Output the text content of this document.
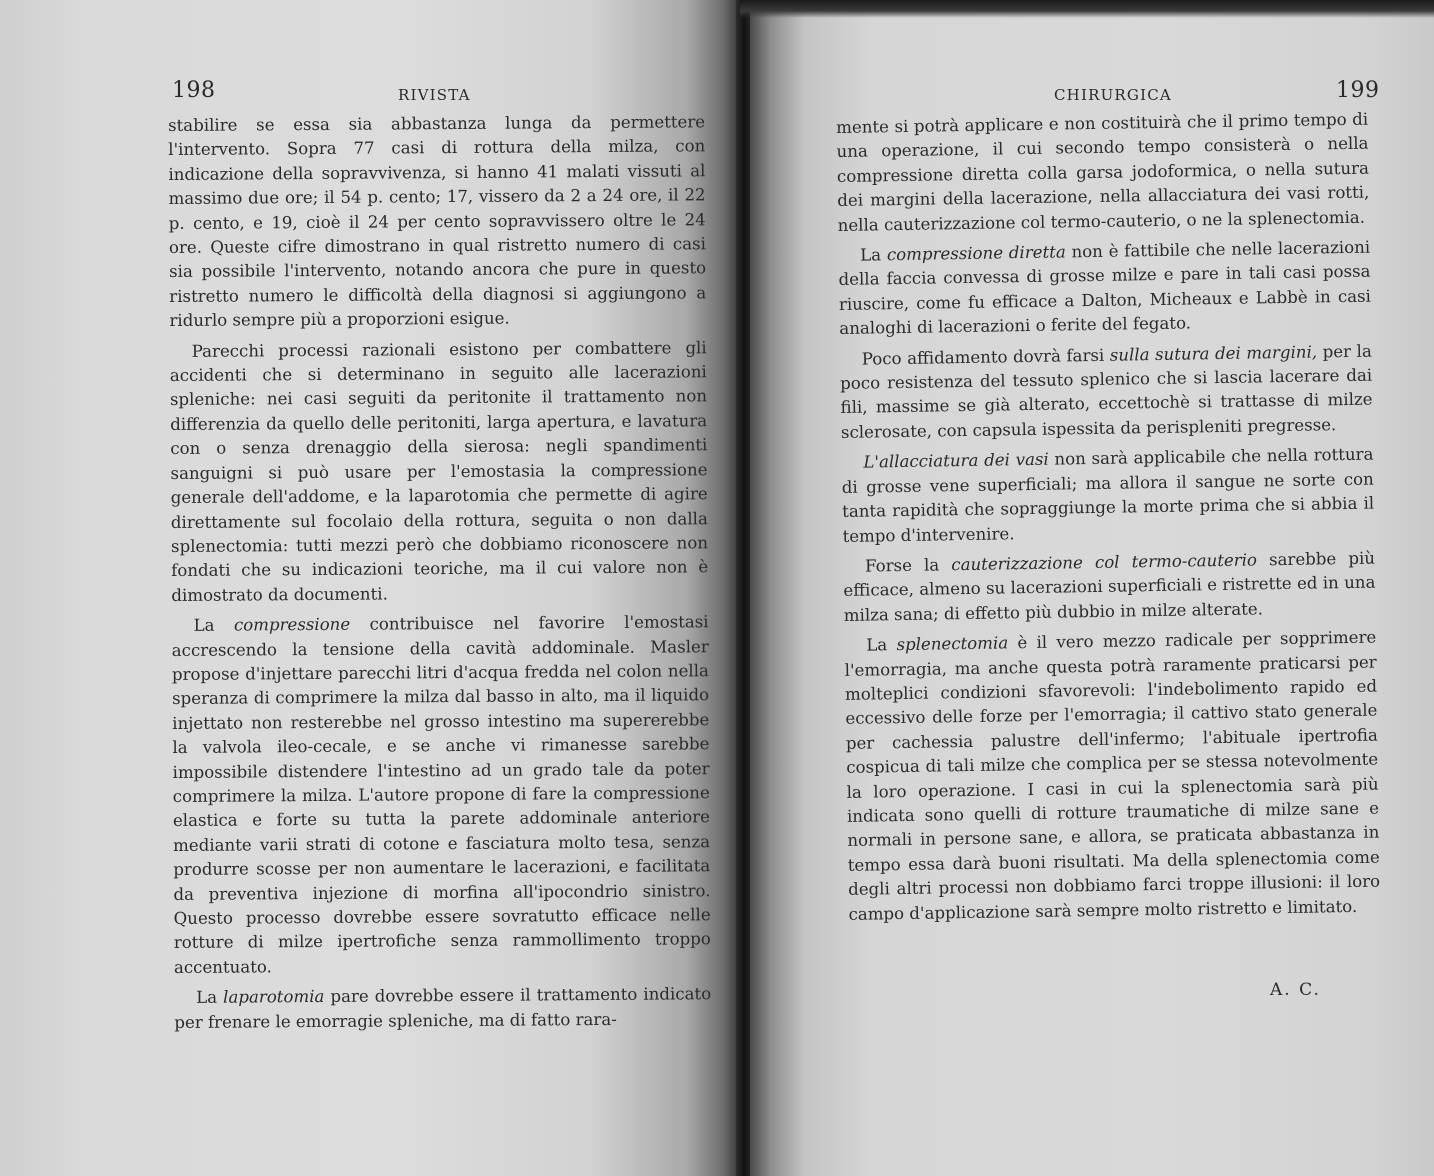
198	RIVISTA

stabilire se essa sia abbastanza lunga da permettere l'intervento. Sopra 77 casi di rottura della milza, con indicazione della sopravvivenza, si hanno 41 malati vissuti al massimo due ore; il 54 p. cento; 17, vissero da 2 a 24 ore, il 22 p. cento, e 19, cioè il 24 per cento sopravvissero oltre le 24 ore. Queste cifre dimostrano in qual ristretto numero di casi sia possibile l'intervento, notando ancora che pure in questo ristretto numero le difficoltà della diagnosi si aggiungono a ridurlo sempre più a proporzioni esigue.

Parecchi processi razionali esistono per combattere gli accidenti che si determinano in seguito alle lacerazioni spleniche: nei casi seguiti da peritonite il trattamento non differenzia da quello delle peritoniti, larga apertura, e lavatura con o senza drenaggio della sierosa: negli spandimenti sanguigni si può usare per l'emostasia la compressione generale dell'addome, e la laparotomia che permette di agire direttamente sul focolaio della rottura, seguita o non dalla splenectomia: tutti mezzi però che dobbiamo riconoscere non fondati che su indicazioni teoriche, ma il cui valore non è dimostrato da documenti.

La compressione contribuisce nel favorire l'emostasi accrescendo la tensione della cavità addominale. Masler propose d'injettare parecchi litri d'acqua fredda nel colon nella speranza di comprimere la milza dal basso in alto, ma il liquido injettato non resterebbe nel grosso intestino ma supererebbe la valvola ileo-cecale, e se anche vi rimanesse sarebbe impossibile distendere l'intestino ad un grado tale da poter comprimere la milza. L'autore propone di fare la compressione elastica e forte su tutta la parete addominale anteriore mediante varii strati di cotone e fasciatura molto tesa, senza produrre scosse per non aumentare le lacerazioni, e facilitata da preventiva injezione di morfina all'ipocondrio sinistro. Questo processo dovrebbe essere sovratutto efficace nelle rotture di milze ipertrofiche senza rammollimento troppo accentuato.

La laparotomia pare dovrebbe essere il trattamento indicato per frenare le emorragie spleniche, ma di fatto rara-

CHIRURGICA	199

mente si potrà applicare e non costituirà che il primo tempo di una operazione, il cui secondo tempo consisterà o nella compressione diretta colla garsa jodoformica, o nella sutura dei margini della lacerazione, nella allacciatura dei vasi rotti, nella cauterizzazione col termo-cauterio, o ne la splenectomia.

La compressione diretta non è fattibile che nelle lacerazioni della faccia convessa di grosse milze e pare in tali casi possa riuscire, come fu efficace a Dalton, Micheaux e Labbè in casi analoghi di lacerazioni o ferite del fegato.

Poco affidamento dovrà farsi sulla sutura dei margini, per la poco resistenza del tessuto splenico che si lascia lacerare dai fili, massime se già alterato, eccettochè si trattasse di milze sclerosate, con capsula ispessita da perispleniti pregresse.

L'allacciatura dei vasi non sarà applicabile che nella rottura di grosse vene superficiali; ma allora il sangue ne sorte con tanta rapidità che sopraggiunge la morte prima che si abbia il tempo d'intervenire.

Forse la cauterizzazione col termo-cauterio sarebbe più efficace, almeno su lacerazioni superficiali e ristrette ed in una milza sana; di effetto più dubbio in milze alterate.

La splenectomia è il vero mezzo radicale per sopprimere l'emorragia, ma anche questa potrà raramente praticarsi per molteplici condizioni sfavorevoli: l'indebolimento rapido ed eccessivo delle forze per l'emorragia; il cattivo stato generale per cachessia palustre dell'infermo; l'abituale ipertrofia cospicua di tali milze che complica per se stessa notevolmente la loro operazione. I casi in cui la splenectomia sarà più indicata sono quelli di rotture traumatiche di milze sane e normali in persone sane, e allora, se praticata abbastanza in tempo essa darà buoni risultati. Ma della splenectomia come degli altri processi non dobbiamo farci troppe illusioni: il loro campo d'applicazione sarà sempre molto ristretto e limitato.

A. C.
